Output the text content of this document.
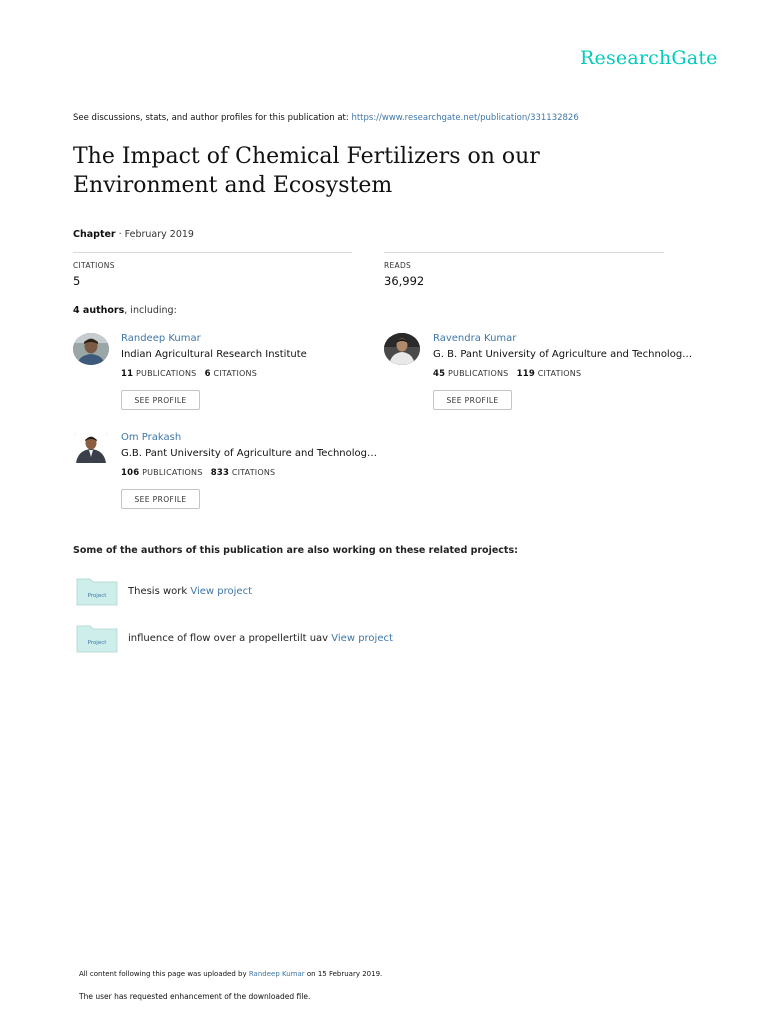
ResearchGate
See discussions, stats, and author profiles for this publication at: https://www.researchgate.net/publication/331132826
The Impact of Chemical Fertilizers on our Environment and Ecosystem
Chapter · February 2019
CITATIONS
5
READS
36,992
4 authors, including:
Randeep Kumar
Indian Agricultural Research Institute
11 PUBLICATIONS 6 CITATIONS
SEE PROFILE
Ravendra Kumar
G. B. Pant University of Agriculture and Technolog…
45 PUBLICATIONS 119 CITATIONS
SEE PROFILE
Om Prakash
G.B. Pant University of Agriculture and Technolog…
106 PUBLICATIONS 833 CITATIONS
SEE PROFILE
Some of the authors of this publication are also working on these related projects:
Project Thesis work View project
Project influence of flow over a propellertilt uav View project
All content following this page was uploaded by Randeep Kumar on 15 February 2019.
The user has requested enhancement of the downloaded file.
